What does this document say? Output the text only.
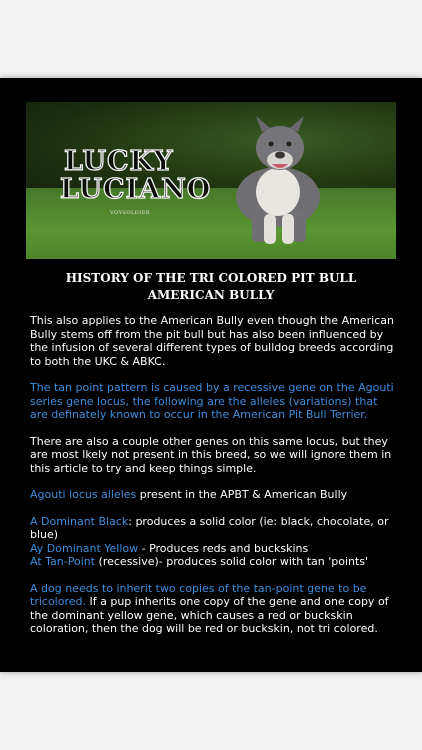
LUCKY
LUCIANO
VOYSOLDIER
HISTORY OF THE TRI COLORED PIT BULL
AMERICAN BULLY

This also applies to the American Bully even though the American Bully stems off from the pit bull but has also been influenced by the infusion of several different types of bulldog breeds according to both the UKC & ABKC.

The tan point pattern is caused by a recessive gene on the Agouti series gene locus, the following are the alleles (variations) that are definately known to occur in the American Pit Bull Terrier.

There are also a couple other genes on this same locus, but they are most lkely not present in this breed, so we will ignore them in this article to try and keep things simple.

Agouti locus alleles present in the APBT & American Bully

A Dominant Black: produces a solid color (ie: black, chocolate, or blue)

Ay Dominant Yellow - Produces reds and buckskins

At Tan-Point (recessive)- produces solid color with tan 'points'

A dog needs to inherit two copies of the tan-point gene to be tricolored. If a pup inherits one copy of the gene and one copy of the dominant yellow gene, which causes a red or buckskin coloration, then the dog will be red or buckskin, not tri colored.
